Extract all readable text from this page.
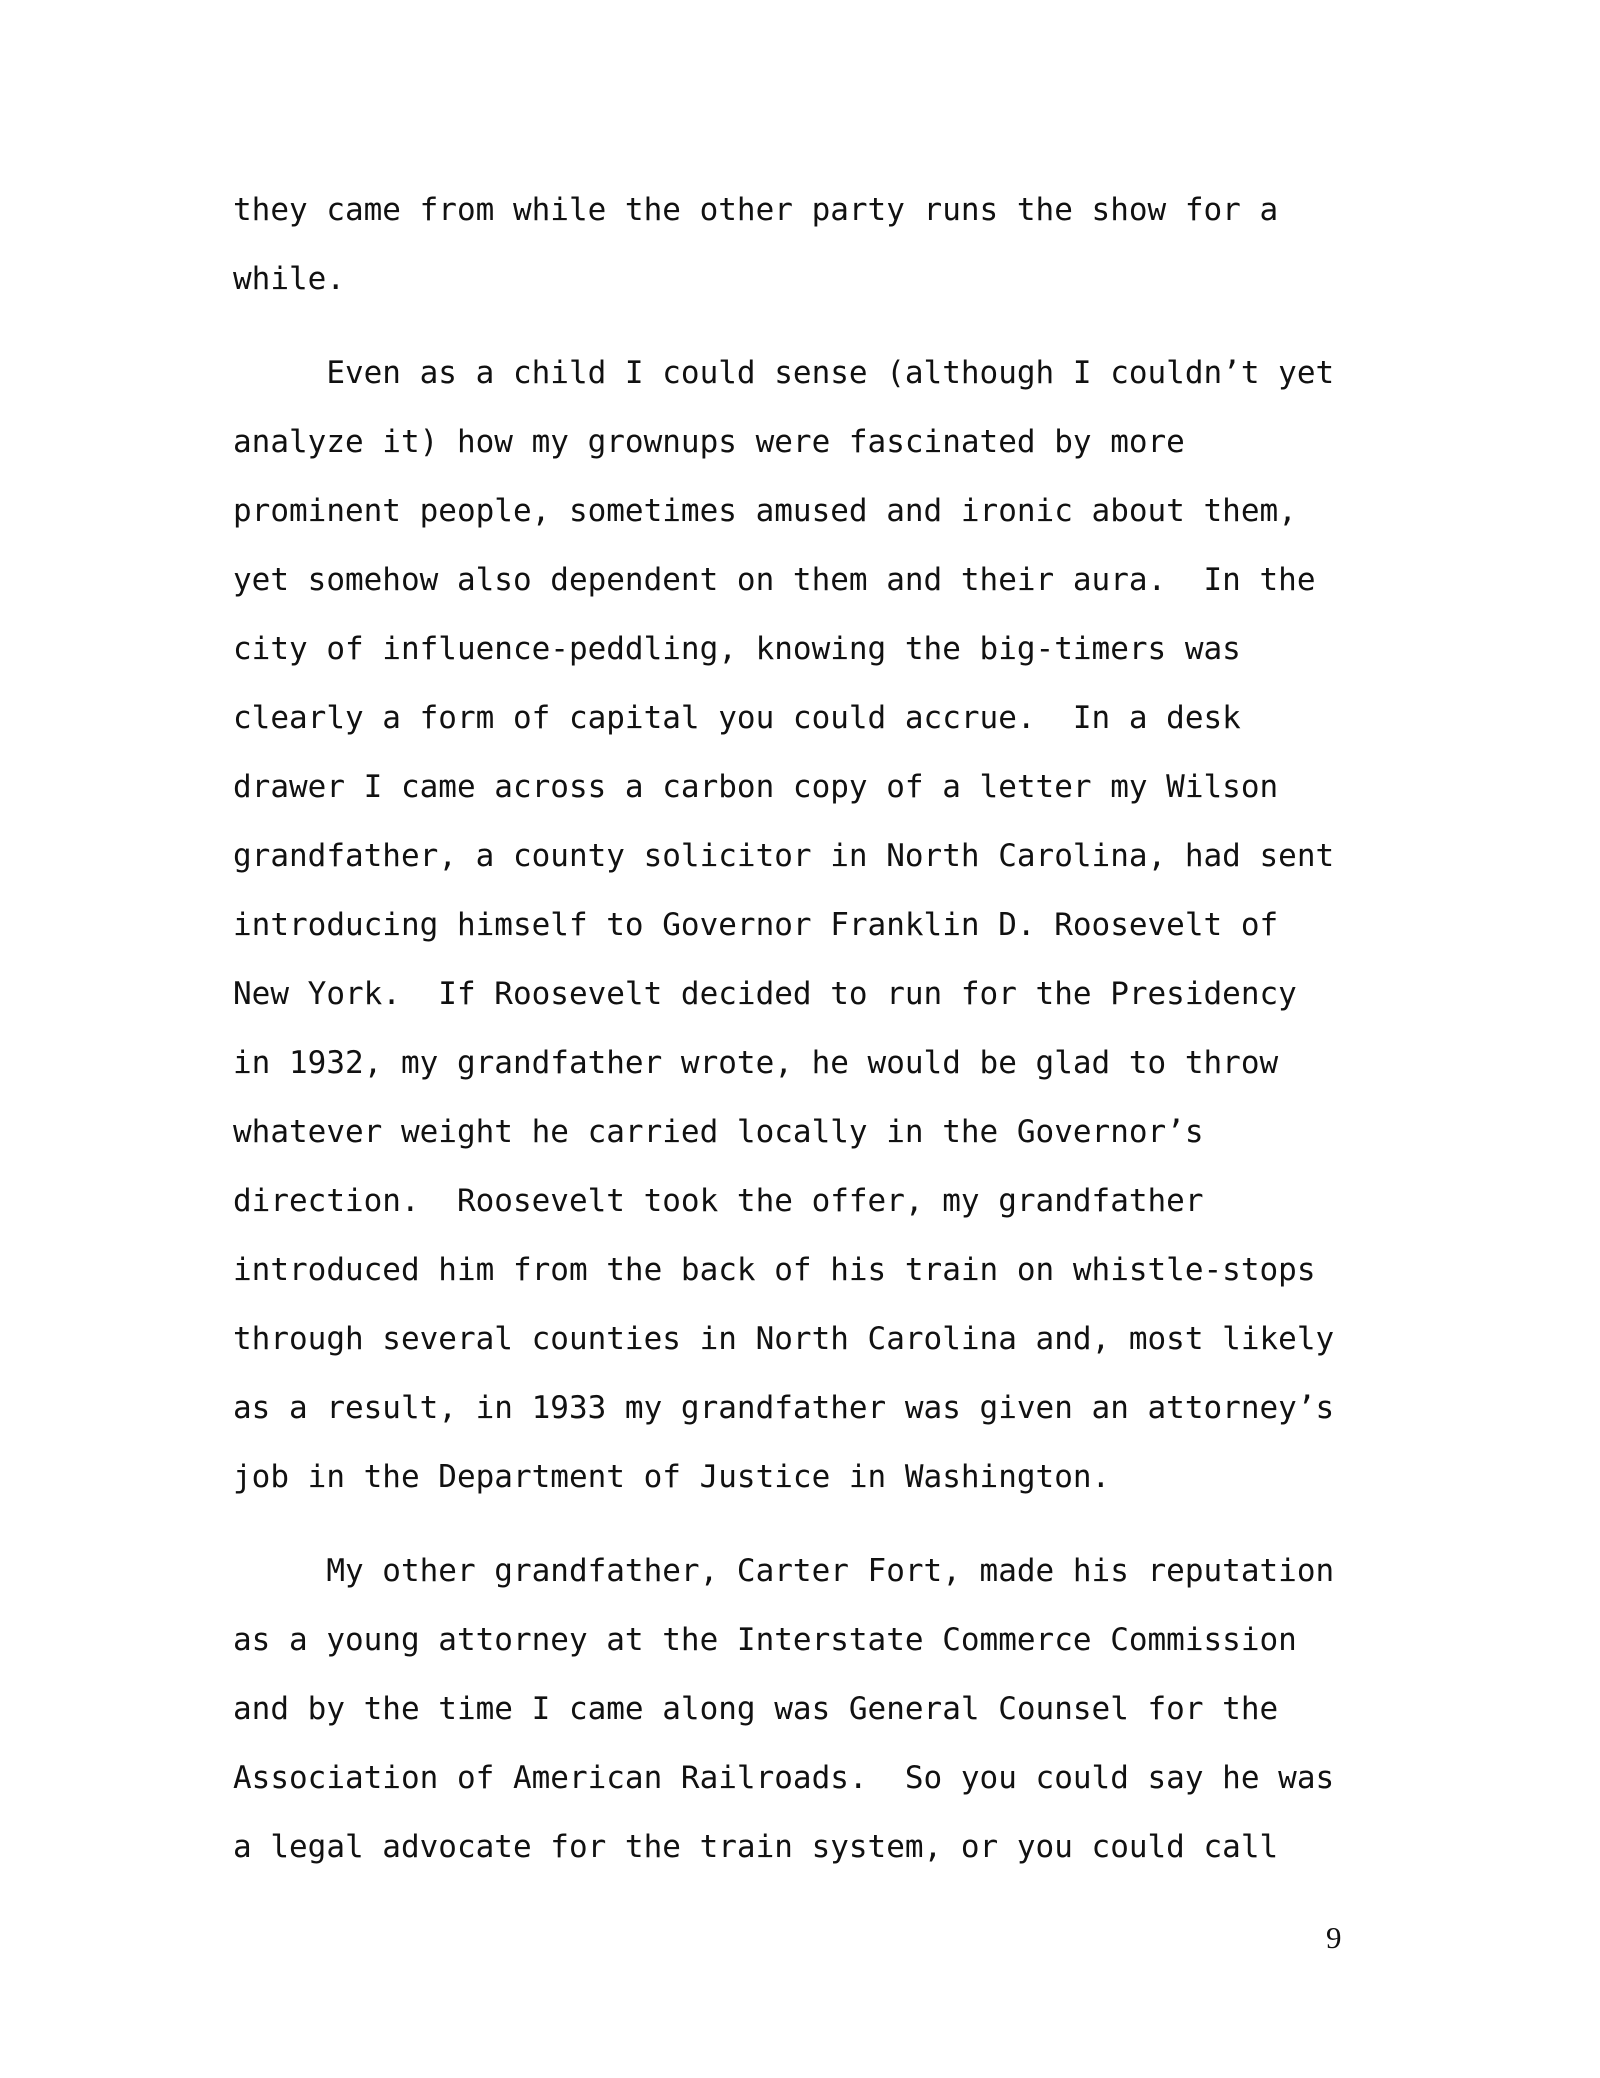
they came from while the other party runs the show for a
while.
Even as a child I could sense (although I couldn’t yet
analyze it) how my grownups were fascinated by more
prominent people, sometimes amused and ironic about them,
yet somehow also dependent on them and their aura.  In the
city of influence-peddling, knowing the big-timers was
clearly a form of capital you could accrue.  In a desk
drawer I came across a carbon copy of a letter my Wilson
grandfather, a county solicitor in North Carolina, had sent
introducing himself to Governor Franklin D. Roosevelt of
New York.  If Roosevelt decided to run for the Presidency
in 1932, my grandfather wrote, he would be glad to throw
whatever weight he carried locally in the Governor’s
direction.  Roosevelt took the offer, my grandfather
introduced him from the back of his train on whistle-stops
through several counties in North Carolina and, most likely
as a result, in 1933 my grandfather was given an attorney’s
job in the Department of Justice in Washington.
My other grandfather, Carter Fort, made his reputation
as a young attorney at the Interstate Commerce Commission
and by the time I came along was General Counsel for the
Association of American Railroads.  So you could say he was
a legal advocate for the train system, or you could call
9
